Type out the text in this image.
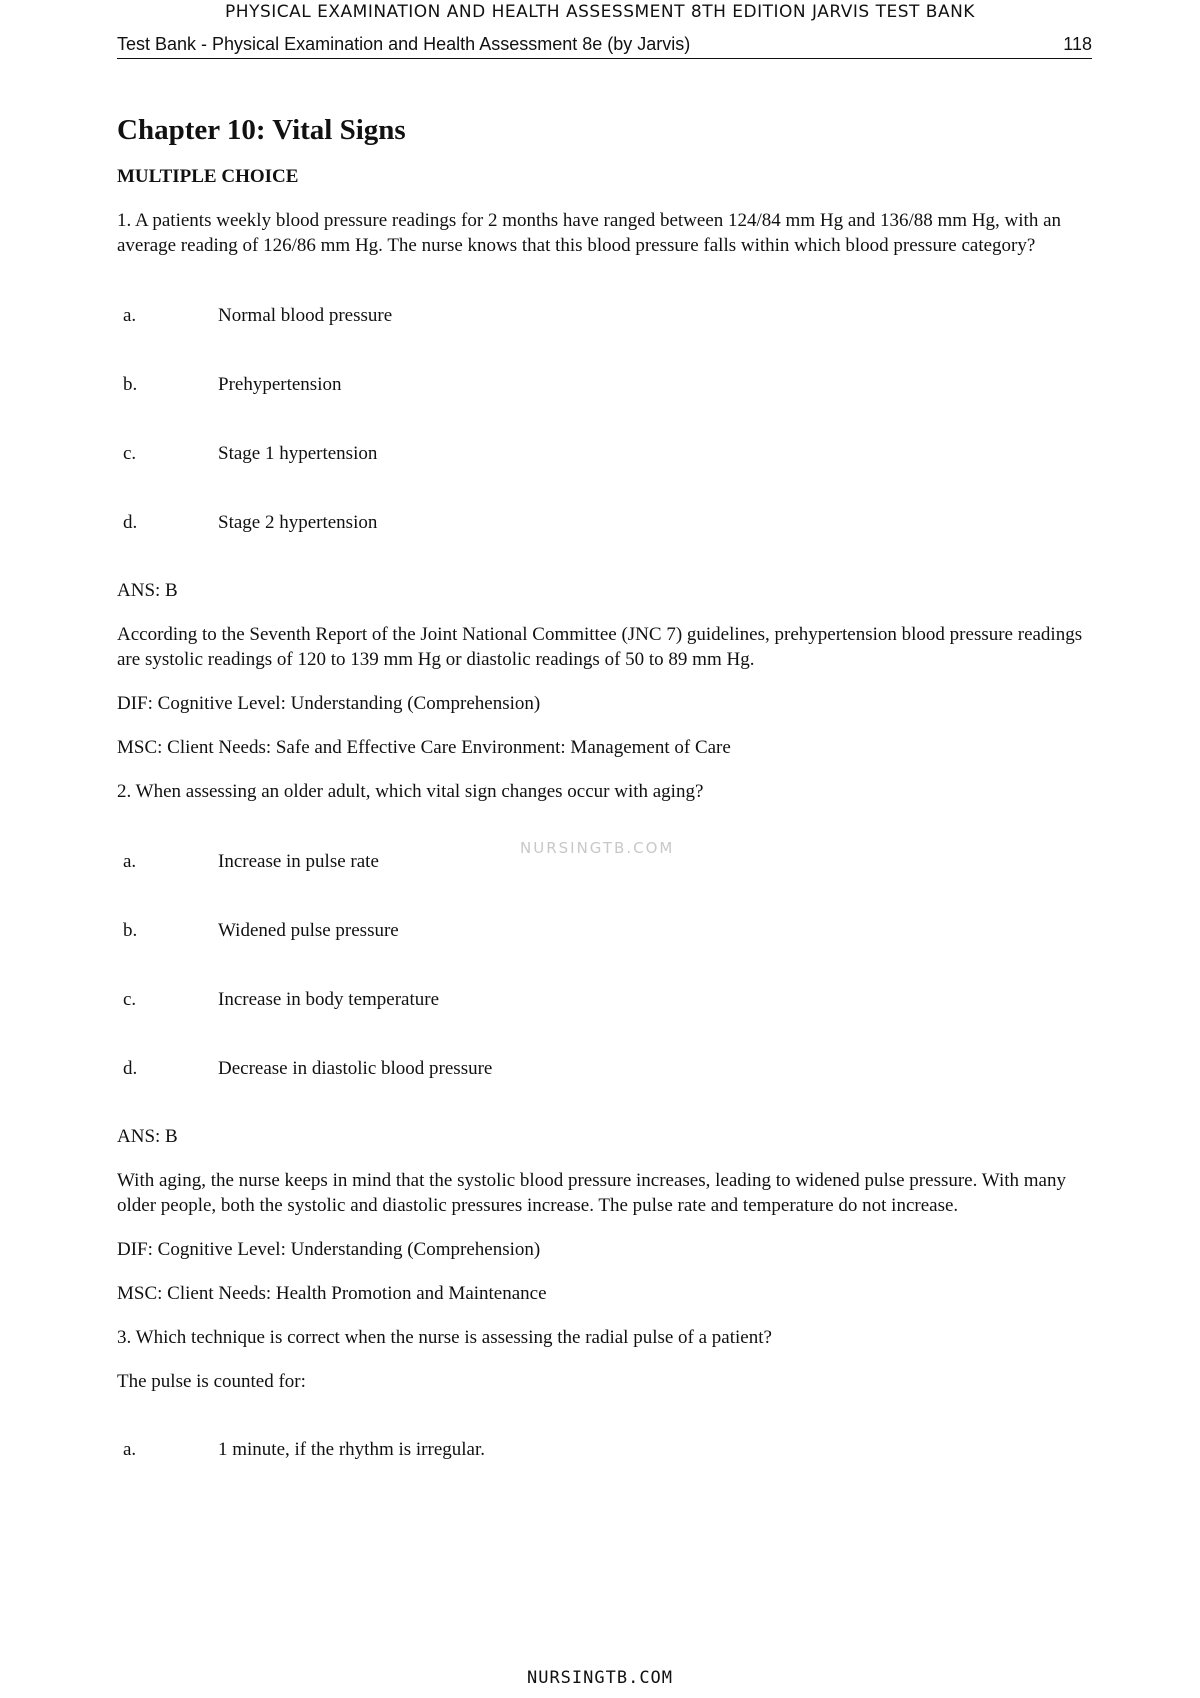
PHYSICAL EXAMINATION AND HEALTH ASSESSMENT 8TH EDITION JARVIS TEST BANK
Test Bank - Physical Examination and Health Assessment 8e (by Jarvis)	118
Chapter 10: Vital Signs
MULTIPLE CHOICE
1. A patients weekly blood pressure readings for 2 months have ranged between 124/84 mm Hg and 136/88 mm Hg, with an average reading of 126/86 mm Hg. The nurse knows that this blood pressure falls within which blood pressure category?
a.	Normal blood pressure
b.	Prehypertension
c.	Stage 1 hypertension
d.	Stage 2 hypertension
ANS: B
According to the Seventh Report of the Joint National Committee (JNC 7) guidelines, prehypertension blood pressure readings are systolic readings of 120 to 139 mm Hg or diastolic readings of 50 to 89 mm Hg.
DIF: Cognitive Level: Understanding (Comprehension)
MSC: Client Needs: Safe and Effective Care Environment: Management of Care
2. When assessing an older adult, which vital sign changes occur with aging?
a.	Increase in pulse rate
b.	Widened pulse pressure
c.	Increase in body temperature
d.	Decrease in diastolic blood pressure
ANS: B
With aging, the nurse keeps in mind that the systolic blood pressure increases, leading to widened pulse pressure. With many older people, both the systolic and diastolic pressures increase. The pulse rate and temperature do not increase.
DIF: Cognitive Level: Understanding (Comprehension)
MSC: Client Needs: Health Promotion and Maintenance
3. Which technique is correct when the nurse is assessing the radial pulse of a patient?
The pulse is counted for:
a.	1 minute, if the rhythm is irregular.
NURSINGTB.COM
NURSINGTB.COM
